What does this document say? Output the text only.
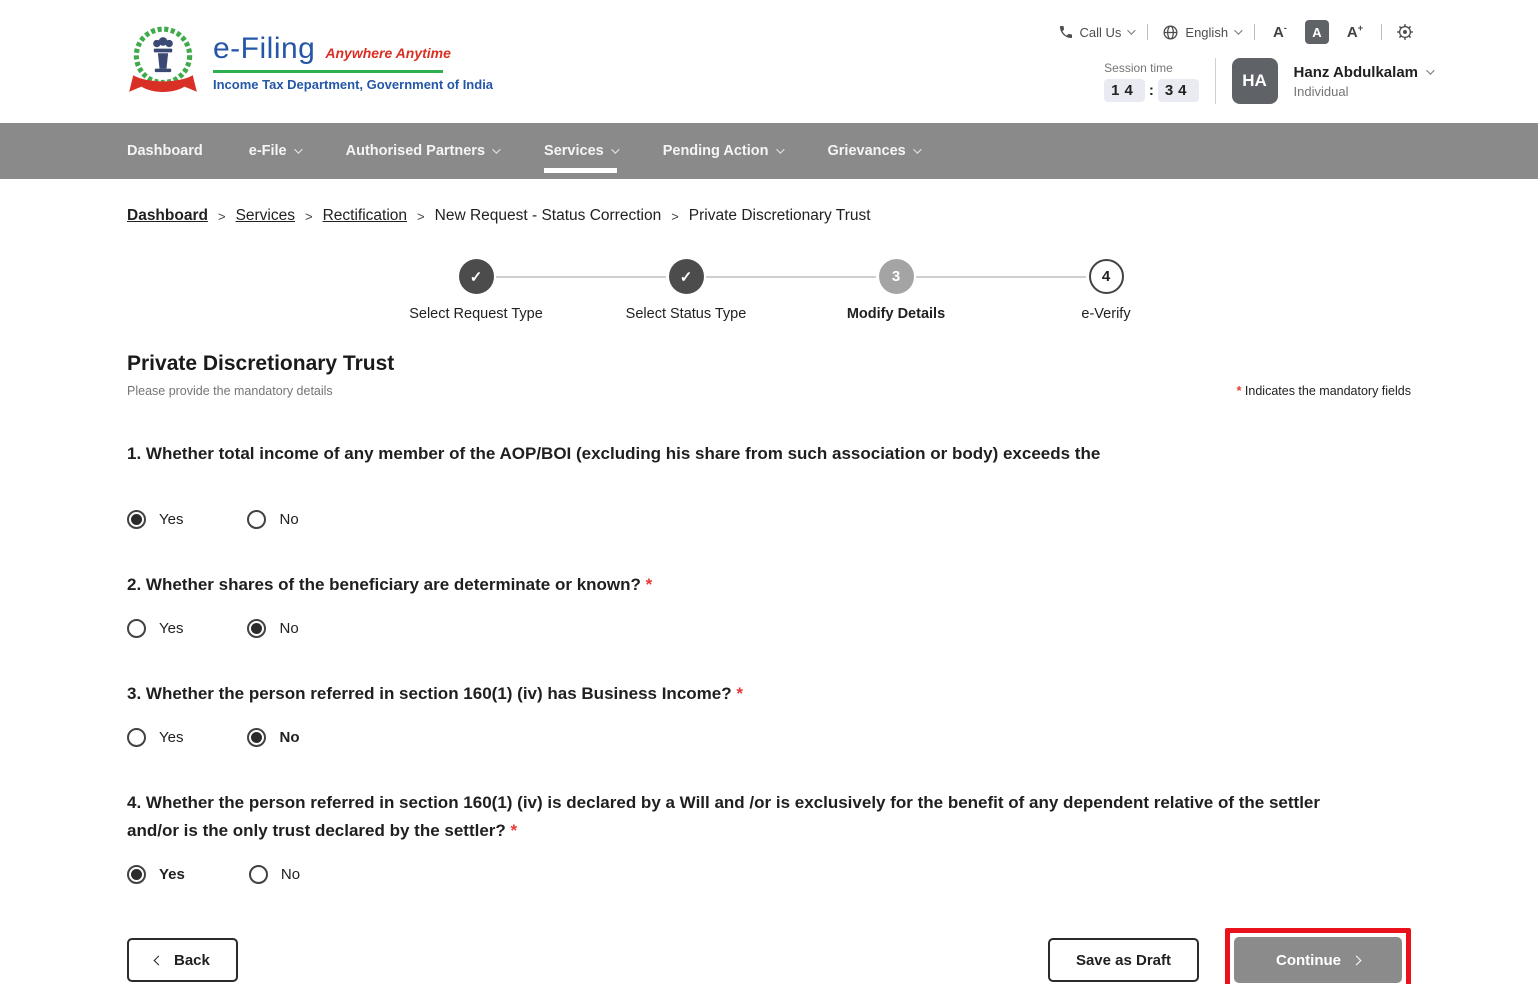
e-Filing Anywhere Anytime
Income Tax Department, Government of India
Call Us	English	A-	A A+
Session time
14 : 34	HA	Hanz Abdulkalam
Individual
Dashboard	e-File	Authorised Partners	Services	Pending Action	Grievances
Dashboard > Services > Rectification > New Request - Status Correction > Private Discretionary Trust
✓
Select Request Type
✓
Select Status Type
3
Modify Details
4
e-Verify
Private Discretionary Trust
Please provide the mandatory details	* Indicates the mandatory fields
1. Whether total income of any member of the AOP/BOI (excluding his share from such association or body) exceeds the
Yes	No
2. Whether shares of the beneficiary are determinate or known? *
Yes	No
3. Whether the person referred in section 160(1) (iv) has Business Income? *
Yes	No
4. Whether the person referred in section 160(1) (iv) is declared by a Will and /or is exclusively for the benefit of any dependent relative of the settler and/or is the only trust declared by the settler? *
Yes	No
Back	Save as Draft	Continue
